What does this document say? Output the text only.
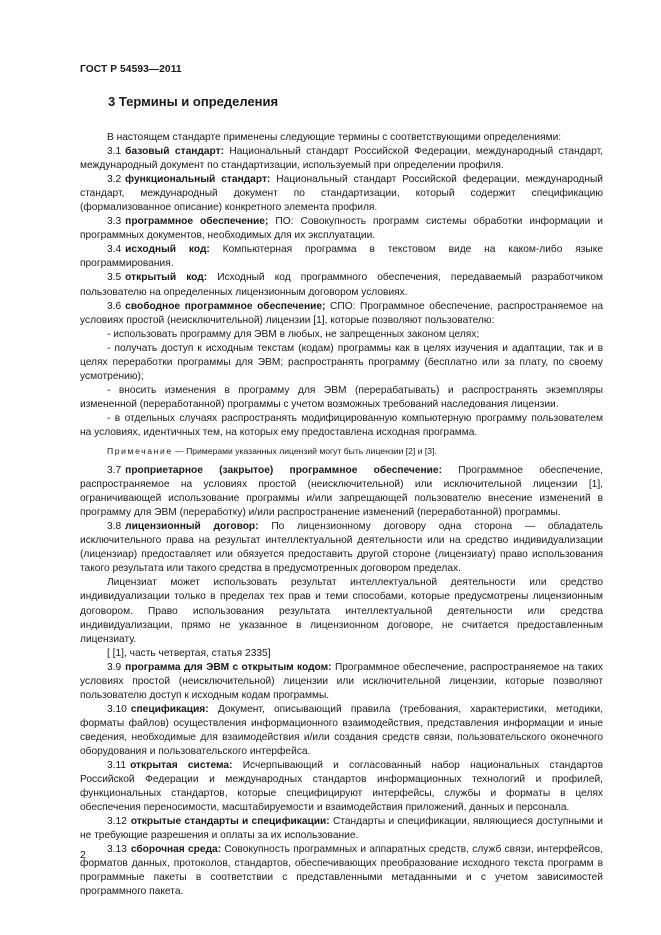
ГОСТ Р 54593—2011
3 Термины и определения

В настоящем стандарте применены следующие термины с соответствующими определениями:

3.1 базовый стандарт: Национальный стандарт Российской Федерации, международный стандарт, международный документ по стандартизации, используемый при определении профиля.

3.2 функциональный стандарт: Национальный стандарт Российской федерации, международный стандарт, международный документ по стандартизации, который содержит спецификацию (формализованное описание) конкретного элемента профиля.

3.3 программное обеспечение; ПО: Совокупность программ системы обработки информации и программных документов, необходимых для их эксплуатации.

3.4 исходный код: Компьютерная программа в текстовом виде на каком-либо языке программирования.

3.5 открытый код: Исходный код программного обеспечения, передаваемый разработчиком пользователю на определенных лицензионным договором условиях.

3.6 свободное программное обеспечение; СПО: Программное обеспечение, распространяемое на условиях простой (неисключительной) лицензии [1], которые позволяют пользователю:

- использовать программу для ЭВМ в любых, не запрещенных законом целях;

- получать доступ к исходным текстам (кодам) программы как в целях изучения и адаптации, так и в целях переработки программы для ЭВМ; распространять программу (бесплатно или за плату, по своему усмотрению);

- вносить изменения в программу для ЭВМ (перерабатывать) и распространять экземпляры измененной (переработанной) программы с учетом возможных требований наследования лицензии.

- в отдельных случаях распространять модифицированную компьютерную программу пользователем на условиях, идентичных тем, на которых ему предоставлена исходная программа.

Примечание — Примерами указанных лицензий могут быть лицензии [2] и [3].

3.7 проприетарное (закрытое) программное обеспечение: Программное обеспечение, распространяемое на условиях простой (неисключительной) или исключительной лицензии [1], ограничивающей использование программы и/или запрещающей пользователю внесение изменений в программу для ЭВМ (переработку) и/или распространение изменений (переработанной) программы.

3.8 лицензионный договор: По лицензионному договору одна сторона — обладатель исключительного права на результат интеллектуальной деятельности или на средство индивидуализации (лицензиар) предоставляет или обязуется предоставить другой стороне (лицензиату) право использования такого результата или такого средства в предусмотренных договором пределах.

Лицензиат может использовать результат интеллектуальной деятельности или средство индивидуализации только в пределах тех прав и теми способами, которые предусмотрены лицензионным договором. Право использования результата интеллектуальной деятельности или средства индивидуализации, прямо не указанное в лицензионном договоре, не считается предоставленным лицензиату.

[ [1], часть четвертая, статья 2335]

3.9 программа для ЭВМ с открытым кодом: Программное обеспечение, распространяемое на таких условиях простой (неисключительной) лицензии или исключительной лицензии, которые позволяют пользователю доступ к исходным кодам программы.

3.10 спецификация: Документ, описывающий правила (требования, характеристики, методики, форматы файлов) осуществления информационного взаимодействия, представления информации и иные сведения, необходимые для взаимодействия и/или создания средств связи, пользовательского оконечного оборудования и пользовательского интерфейса.

3.11 открытая система: Исчерпывающий и согласованный набор национальных стандартов Российской Федерации и международных стандартов информационных технологий и профилей, функциональных стандартов, которые специфицируют интерфейсы, службы и форматы в целях обеспечения переносимости, масштабируемости и взаимодействия приложений, данных и персонала.

3.12 открытые стандарты и спецификации: Стандарты и спецификации, являющиеся доступными и не требующие разрешения и оплаты за их использование.

3.13 сборочная среда: Совокупность программных и аппаратных средств, служб связи, интерфейсов, форматов данных, протоколов, стандартов, обеспечивающих преобразование исходного текста программ в программные пакеты в соответствии с представленными метаданными и с учетом зависимостей программного пакета.

2
